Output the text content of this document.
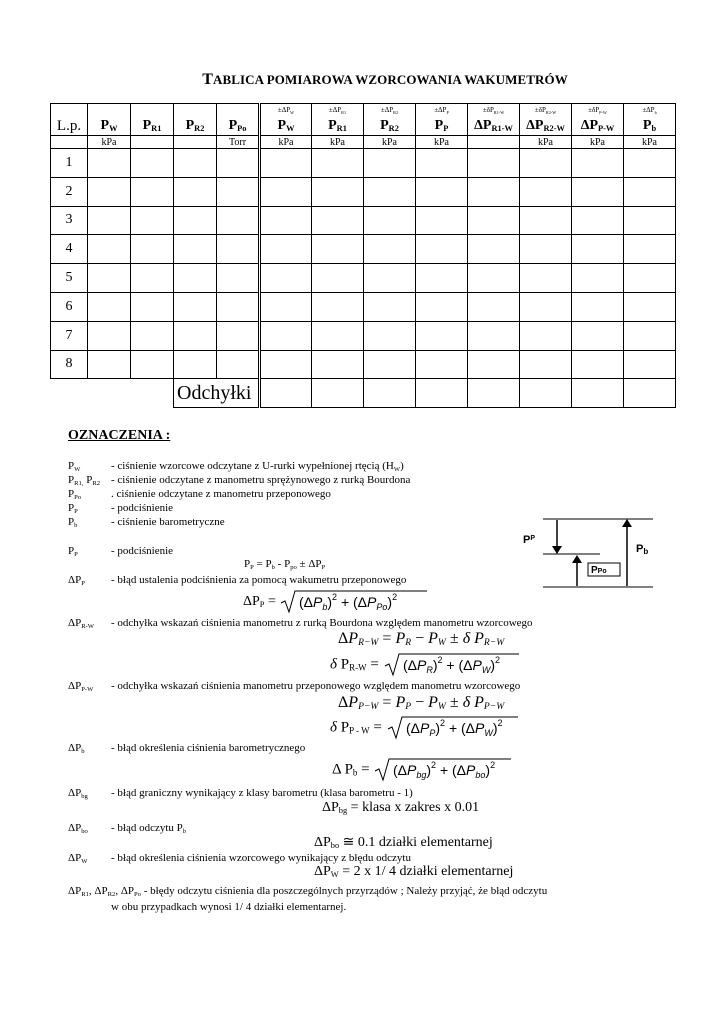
TABLICA POMIAROWA WZORCOWANIA WAKUMETRÓW
					$\pm\Delta P_W$	$\pm\Delta P_{R1}$	$\pm\Delta P_{R2}$	$\pm\Delta P_P$	$\pm\delta P_{R1-W}$	$\pm\delta P_{R2-W}$	$\pm\delta P_{P-W}$	$\pm\Delta P_b$
L.p.	$P_W$	$P_{R1}$	$P_{R2}$	$P_{Po}$	$P_W$	$P_{R1}$	$P_{R2}$	$P_P$	$\Delta P_{R1-W}$	$\Delta P_{R2-W}$	$\Delta P_{P-W}$	$P_b$
	kPa			Torr	kPa	kPa	kPa	kPa		kPa	kPa	kPa
1												
2												
3												
4												
5												
6												
7												
8												
			Odchyłki									
OZNACZENIA :
$P_W$	- ciśnienie wzorcowe odczytane z U-rurki wypełnionej rtęcią $(H_W)$
$P_{R1,}$ $P_{R2}$ - ciśnienie odczytane z manometru sprężynowego z rurką Bourdona
$P_{Po}$	. ciśnienie odczytane z manometru przeponowego
$P_P$	- podciśnienie
$P_b$	- ciśnienie barometryczne
$P_P$	- podciśnienie
$P_P = P_b - P_{po} \pm \Delta P_P$
$\Delta P_P$ - błąd ustalenia podciśnienia za pomocą wakumetru przeponowego
$\Delta P_P = (\Delta P_b)^2 + (\Delta P_{Po})^2$
$\Delta P_{R-W}$ - odchyłka wskazań ciśnienia manometru z rurką Bourdona względem manometru wzorcowego
$\Delta P_{R-W} = P_R - P_W \pm \delta$ $P_{R-W}$
δ $P_{R-W} = (\Delta P_R)^2 + (\Delta P_W)^2$
$\Delta P_{P-W}$ - odchyłka wskazań ciśnienia manometru przeponowego względem manometru wzorcowego
$\Delta P_{P-W} = P_P - P_W \pm \delta$ $P_{P-W}$
δ $P_{P - W} = (\Delta P_P)^2 + (\Delta P_W)^2$
$\Delta P_b$ - błąd określenia ciśnienia barometrycznego
Δ $P_b = (\Delta P_{bg})^2 + (\Delta P_{bo})^2$
$\Delta P_{bg}$ - błąd graniczny wynikający z klasy barometru (klasa barometru - 1)
$\Delta P_{bg}$ = klasa x zakres x 0.01
$\Delta P_{bo}$ - błąd odczytu $P_b$
$\Delta P_{bo}$ ≅ 0.1 działki elementarnej
$\Delta P_W$ - błąd określenia ciśnienia wzorcowego wynikający z błędu odczytu
$\Delta P_W = 2$ x 1/ 4 działki elementarnej
$\Delta P_{R1}$, $\Delta P_{R2}$, $\Delta P_{Po}$ - błędy odczytu ciśnienia dla poszczególnych przyrządów ; Należy przyjąć, że błąd odczytu
w obu przypadkach wynosi 1/ 4 działki elementarnej.
$P^P$
PPo
Pb
